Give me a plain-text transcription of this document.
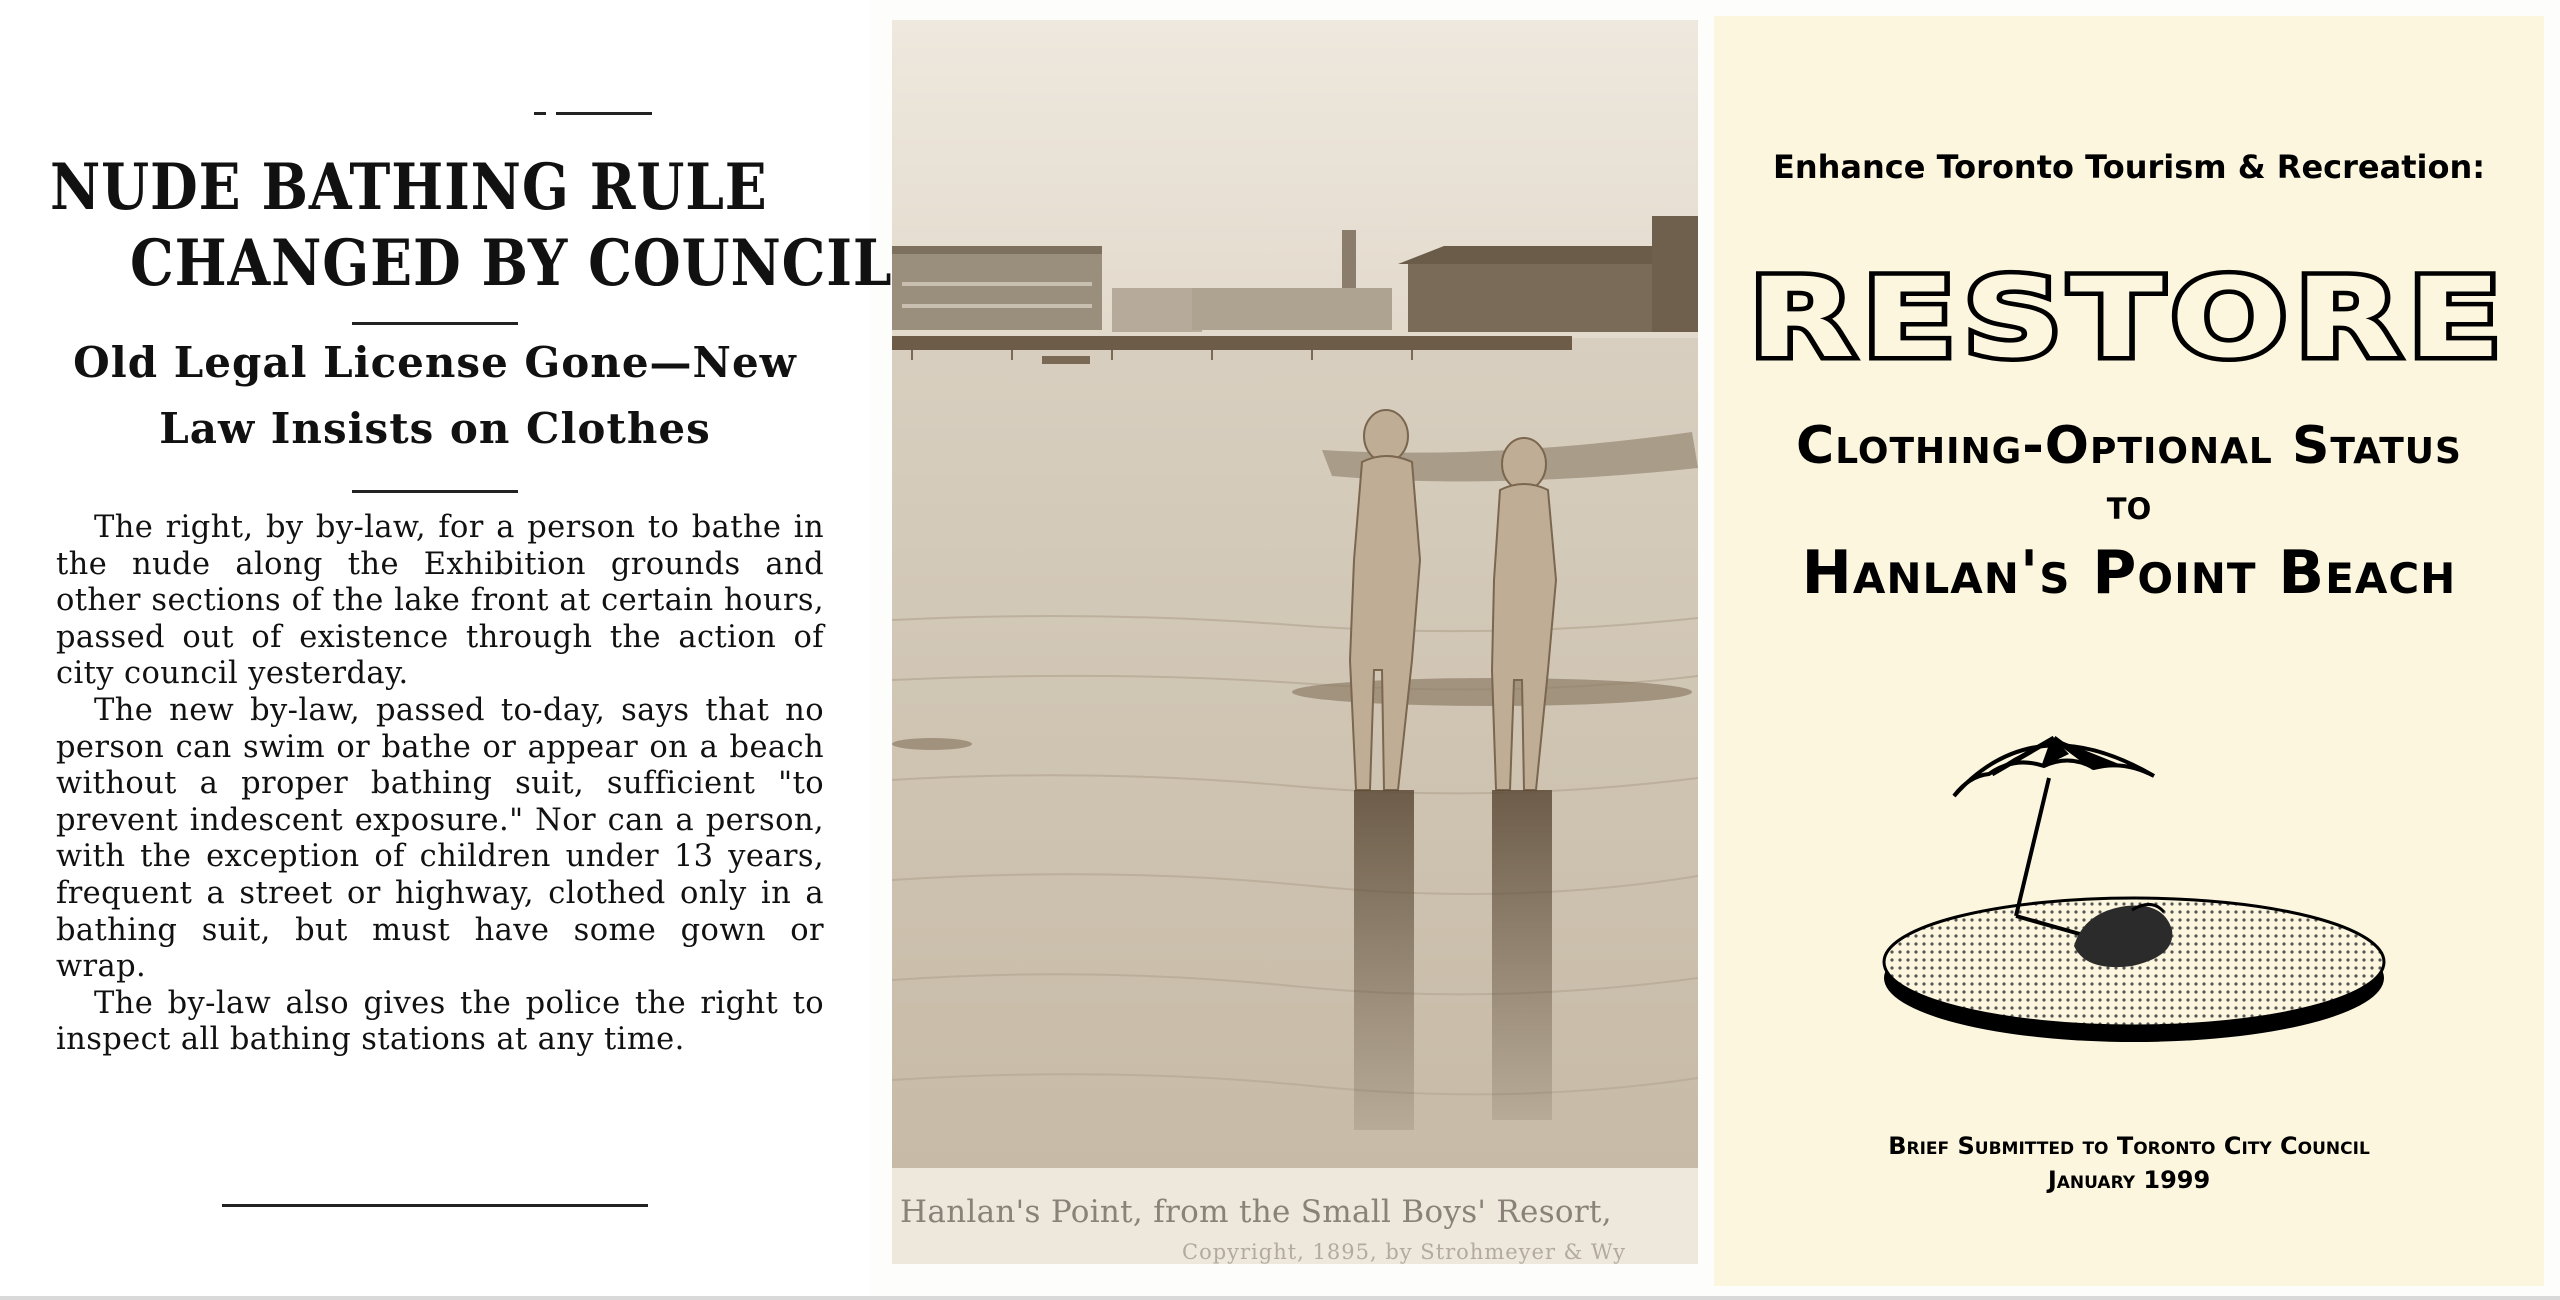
NUDE BATHING RULE
CHANGED BY COUNCIL
Old Legal License Gone—New
Law Insists on Clothes

The right, by by-law, for a person to bathe in the nude along the Exhibition grounds and other sections of the lake front at certain hours, passed out of existence through the action of city council yesterday.

The new by-law, passed to-day, says that no person can swim or bathe or appear on a beach without a proper bathing suit, sufficient "to prevent indescent exposure." Nor can a person, with the exception of children under 13 years, frequent a street or highway, clothed only in a bathing suit, but must have some gown or wrap.

The by-law also gives the police the right to inspect all bathing stations at any time.

Hanlan's Point, from the Small Boys' Resort,
Copyright, 1895, by Strohmeyer & Wy

Enhance Toronto Tourism & Recreation:

RESTORE

Clothing-Optional Status

to

Hanlan's Point Beach

Brief Submitted to Toronto City Council

January 1999
